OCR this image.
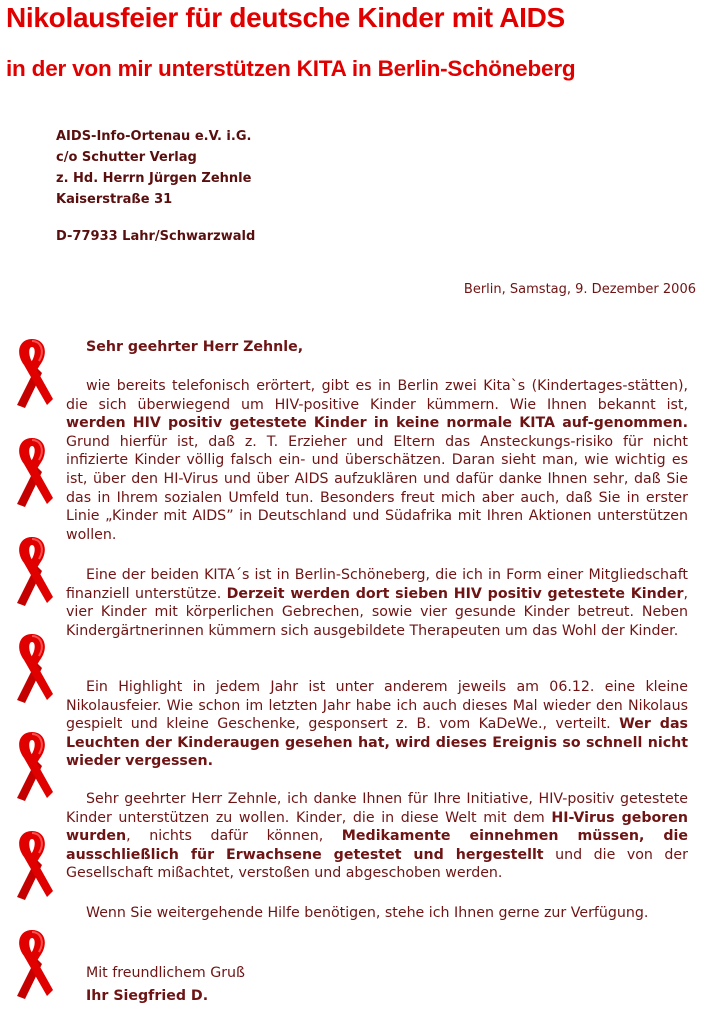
Nikolausfeier für deutsche Kinder mit AIDS
in der von mir unterstützen KITA in Berlin-Schöneberg
AIDS-Info-Ortenau e.V. i.G.
c/o Schutter Verlag
z. Hd. Herrn Jürgen Zehnle
Kaiserstraße 31
D-77933 Lahr/Schwarzwald
Berlin, Samstag, 9. Dezember 2006
Sehr geehrter Herr Zehnle,
wie bereits telefonisch erörtert, gibt es in Berlin zwei Kita`s (Kindertages-stätten), die sich überwiegend um HIV-positive Kinder kümmern. Wie Ihnen bekannt ist, werden HIV positiv getestete Kinder in keine normale KITA auf-genommen. Grund hierfür ist, daß z. T. Erzieher und Eltern das Ansteckungs-risiko für nicht infizierte Kinder völlig falsch ein- und überschätzen. Daran sieht man, wie wichtig es ist, über den HI-Virus und über AIDS aufzuklären und dafür danke Ihnen sehr, daß Sie das in Ihrem sozialen Umfeld tun. Besonders freut mich aber auch, daß Sie in erster Linie „Kinder mit AIDS” in Deutschland und Südafrika mit Ihren Aktionen unterstützen wollen.
Eine der beiden KITA´s ist in Berlin-Schöneberg, die ich in Form einer Mitgliedschaft finanziell unterstütze. Derzeit werden dort sieben HIV positiv getestete Kinder, vier Kinder mit körperlichen Gebrechen, sowie vier gesunde Kinder betreut. Neben Kindergärtnerinnen kümmern sich ausgebildete Therapeuten um das Wohl der Kinder.
Ein Highlight in jedem Jahr ist unter anderem jeweils am 06.12. eine kleine Nikolausfeier. Wie schon im letzten Jahr habe ich auch dieses Mal wieder den Nikolaus gespielt und kleine Geschenke, gesponsert z. B. vom KaDeWe., verteilt. Wer das Leuchten der Kinderaugen gesehen hat, wird dieses Ereignis so schnell nicht wieder vergessen.
Sehr geehrter Herr Zehnle, ich danke Ihnen für Ihre Initiative, HIV-positiv getestete Kinder unterstützen zu wollen. Kinder, die in diese Welt mit dem HI-Virus geboren wurden, nichts dafür können, Medikamente einnehmen müssen, die ausschließlich für Erwachsene getestet und hergestellt und die von der Gesellschaft mißachtet, verstoßen und abgeschoben werden.
Wenn Sie weitergehende Hilfe benötigen, stehe ich Ihnen gerne zur Verfügung.
Mit freundlichem Gruß
Ihr Siegfried D.
